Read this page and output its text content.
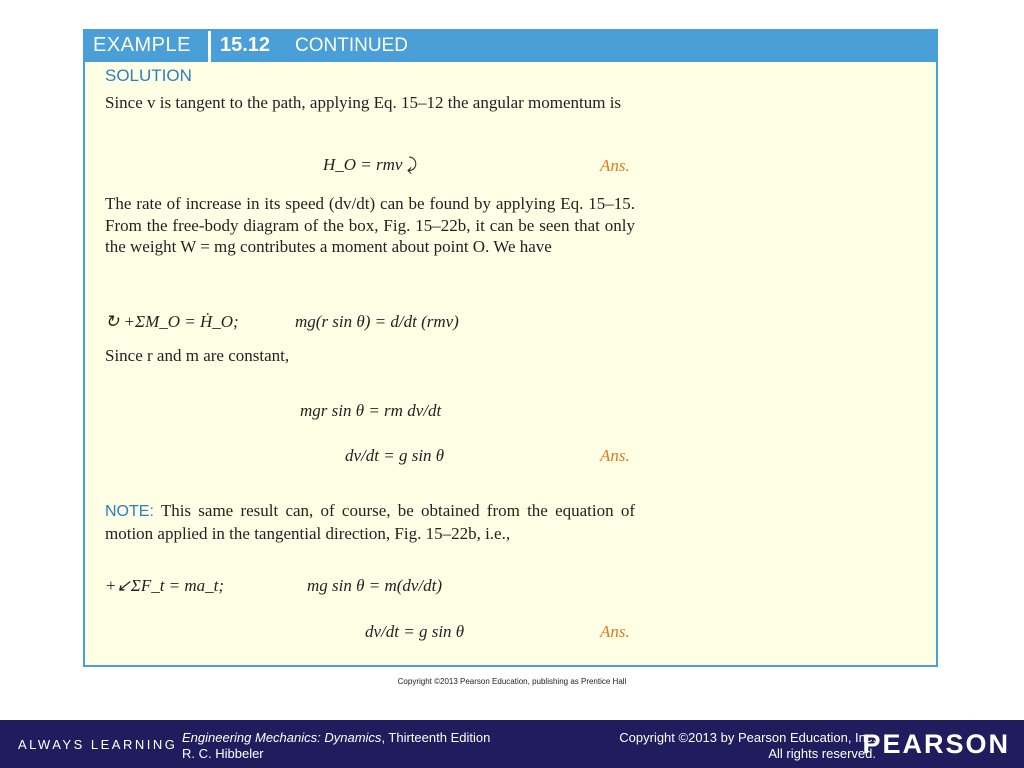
EXAMPLE 15.12 CONTINUED
SOLUTION
Since v is tangent to the path, applying Eq. 15–12 the angular momentum is
H_O = rmv ⤸	Ans.
The rate of increase in its speed (dv/dt) can be found by applying Eq. 15–15. From the free-body diagram of the box, Fig. 15–22b, it can be seen that only the weight W = mg contributes a moment about point O. We have
↻ +ΣM_O = Ḣ_O;	mg(r sin θ) = d/dt (rmv)
Since r and m are constant,
mgr sin θ = rm dv/dt
dv/dt = g sin θ	Ans.
NOTE: This same result can, of course, be obtained from the equation of motion applied in the tangential direction, Fig. 15–22b, i.e.,
+↙ΣF_t = ma_t;	mg sin θ = m(dv/dt)
dv/dt = g sin θ	Ans.
Copyright ©2013 Pearson Education, publishing as Prentice Hall
ALWAYS LEARNING Engineering Mechanics: Dynamics, Thirteenth Edition
R. C. Hibbeler
Copyright ©2013 by Pearson Education, Inc.
All rights reserved.
PEARSON
